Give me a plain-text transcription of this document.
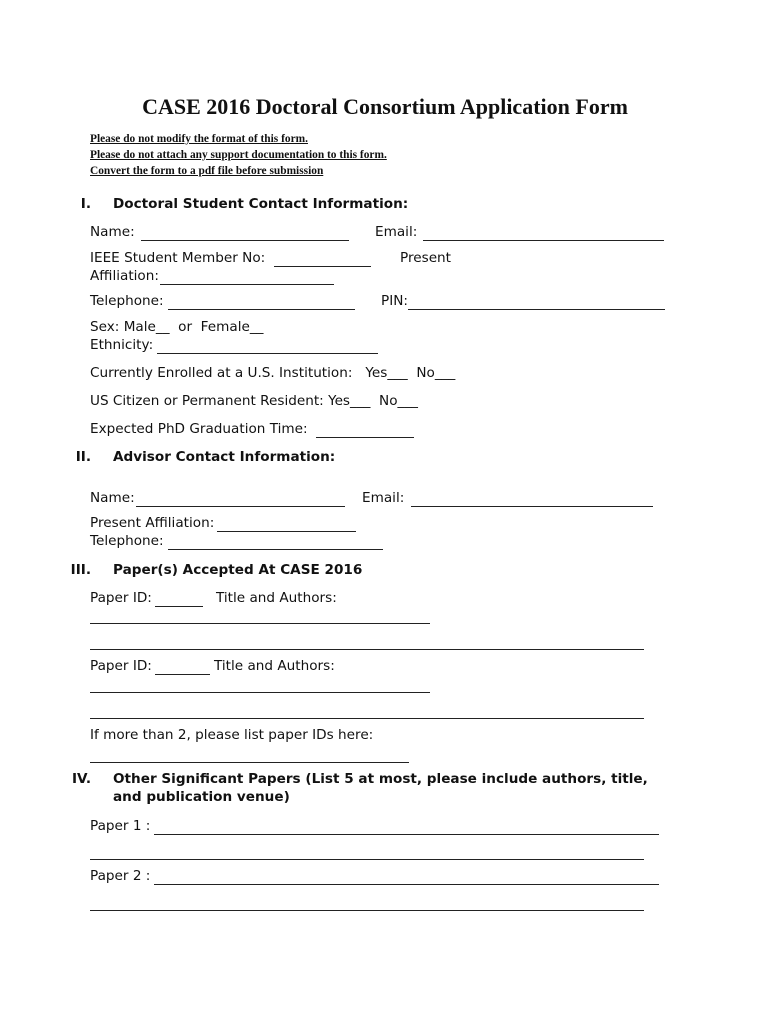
CASE 2016 Doctoral Consortium Application Form
Please do not modify the format of this form.
Please do not attach any support documentation to this form.
Convert the form to a pdf file before submission
I. Doctoral Student Contact Information:
Name:	Email:
IEEE Student Member No:	Present
Affiliation:
Telephone:	PIN:
Sex: Male__  or  Female__
Ethnicity:
Currently Enrolled at a U.S. Institution:   Yes___  No___
US Citizen or Permanent Resident: Yes___  No___
Expected PhD Graduation Time:
II. Advisor Contact Information:
Name:	Email:
Present Affiliation:
Telephone:
III. Paper(s) Accepted At CASE 2016
Paper ID:	Title and Authors:
Paper ID:	Title and Authors:
If more than 2, please list paper IDs here:
IV. Other Significant Papers (List 5 at most, please include authors, title,
and publication venue)
Paper 1 :
Paper 2 :
